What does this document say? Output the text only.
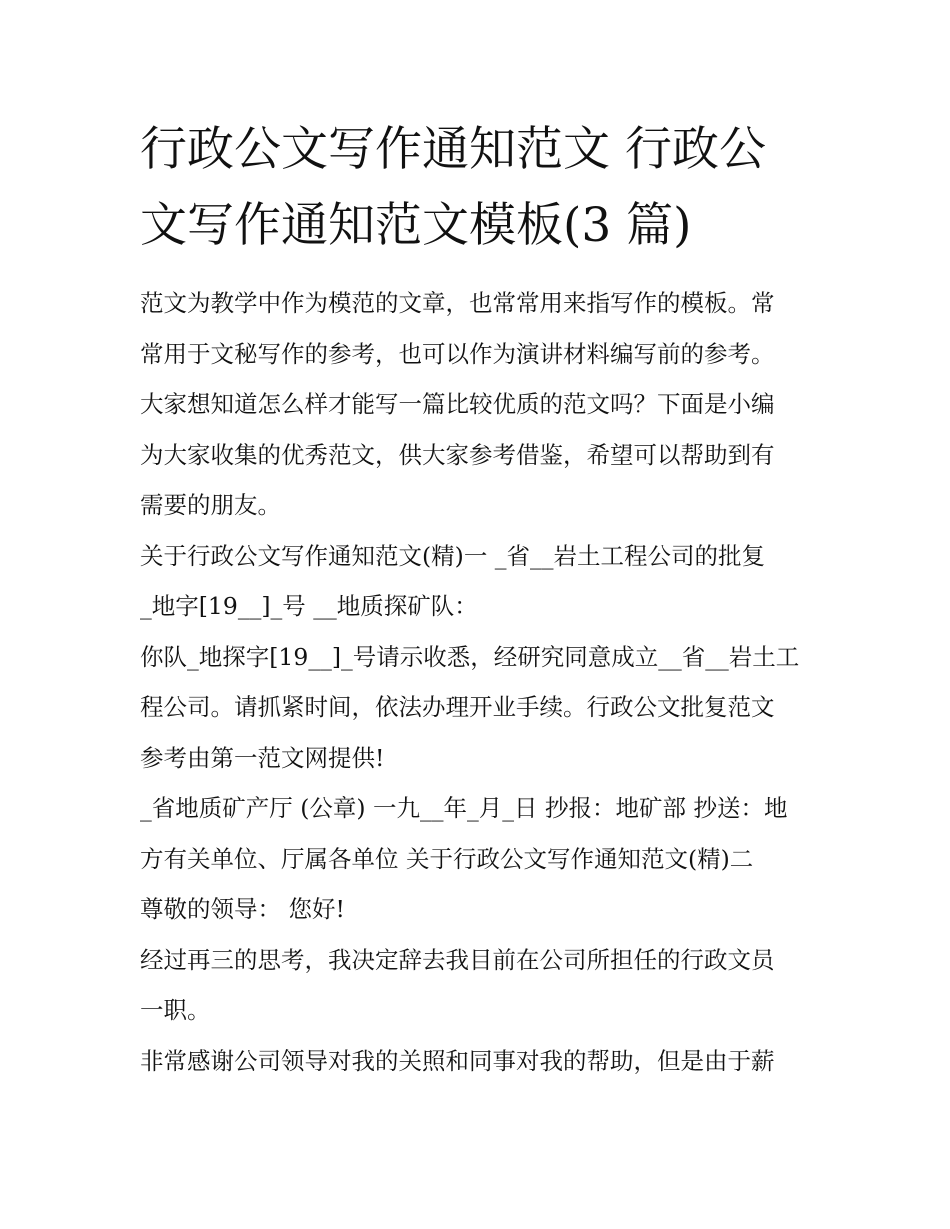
行政公文写作通知范文 行政公
文写作通知范文模板(3 篇)

范文为教学中作为模范的文章，也常常用来指写作的模板。常
常用于文秘写作的参考，也可以作为演讲材料编写前的参考。
大家想知道怎么样才能写一篇比较优质的范文吗？下面是小编
为大家收集的优秀范文，供大家参考借鉴，希望可以帮助到有
需要的朋友。

关于行政公文写作通知范文(精)一 _省__岩土工程公司的批复
_地字[19__]_号 __地质探矿队：

你队_地探字[19__]_号请示收悉，经研究同意成立__省__岩土工
程公司。请抓紧时间，依法办理开业手续。行政公文批复范文
参考由第一范文网提供!

_省地质矿产厅 (公章) 一九__年_月_日 抄报：地矿部 抄送：地
方有关单位、厅属各单位 关于行政公文写作通知范文(精)二
尊敬的领导： 您好!

经过再三的思考，我决定辞去我目前在公司所担任的行政文员
一职。

非常感谢公司领导对我的关照和同事对我的帮助，但是由于薪
